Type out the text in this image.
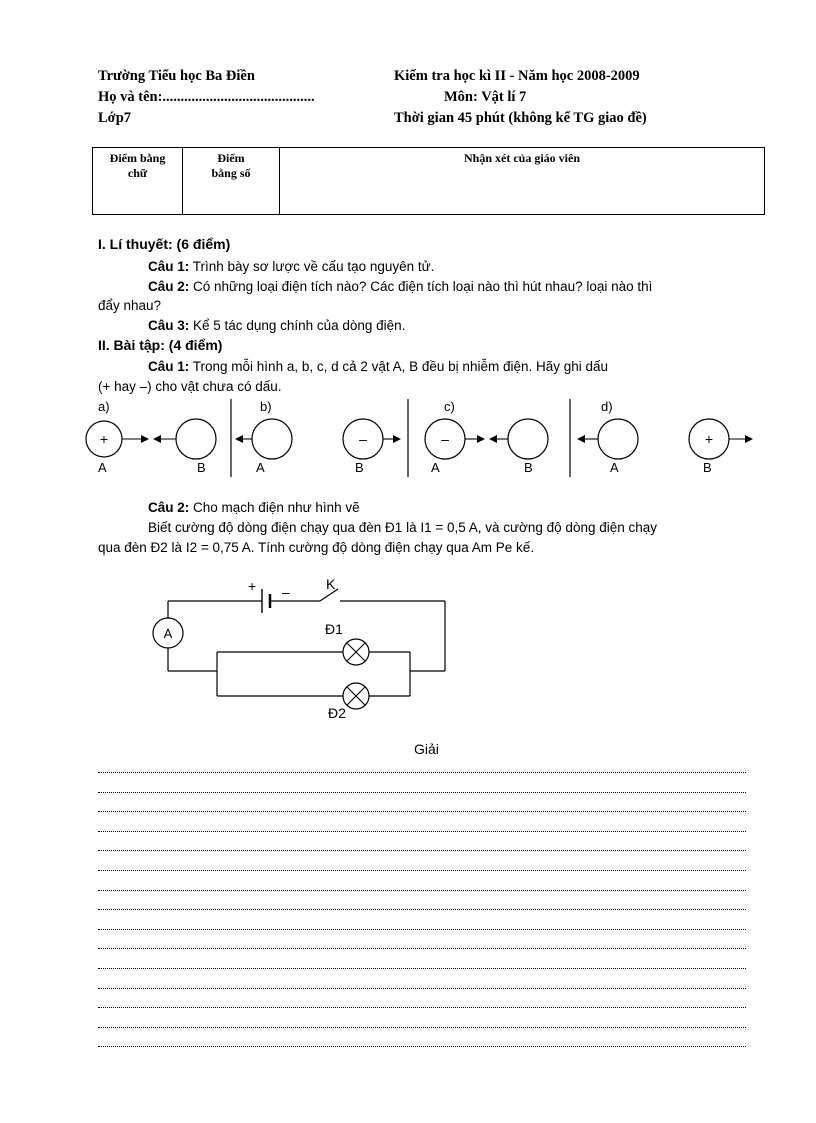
Trường Tiểu học Ba Điền
Họ và tên:..........................................
Lớp7
Kiểm tra học kì II - Năm học 2008-2009
Môn: Vật lí 7
Thời gian 45 phút (không kể TG giao đề)
Điểm bằng chữ
Điểm bằng số
Nhận xét của giáo viên
I. Lí thuyết: (6 điểm)
Câu 1: Trình bày sơ lược về cấu tạo nguyên tử.
Câu 2: Có những loại điện tích nào? Các điện tích loại nào thì hút nhau? loại nào thì
đẩy nhau?
Câu 3: Kể 5 tác dụng chính của dòng điện.
II. Bài tập: (4 điểm)
Câu 1: Trong mỗi hình a, b, c, d cả 2 vật A, B đều bị nhiễm điện. Hãy ghi dấu
(+ hay –) cho vật chưa có dấu.
a)
+
A	B
b)
–
A	B
c)
–
A	B
d)
+
A	B
Câu 2: Cho mạch điện như hình vẽ
Biết cường độ dòng điện chạy qua đèn Đ1 là I1 = 0,5 A, và cường độ dòng điện chạy
qua đèn Đ2 là I2 = 0,75 A. Tính cường độ dòng điện chạy qua Am Pe kế.
+ –	K
A	Đ1
Đ2
Giải
